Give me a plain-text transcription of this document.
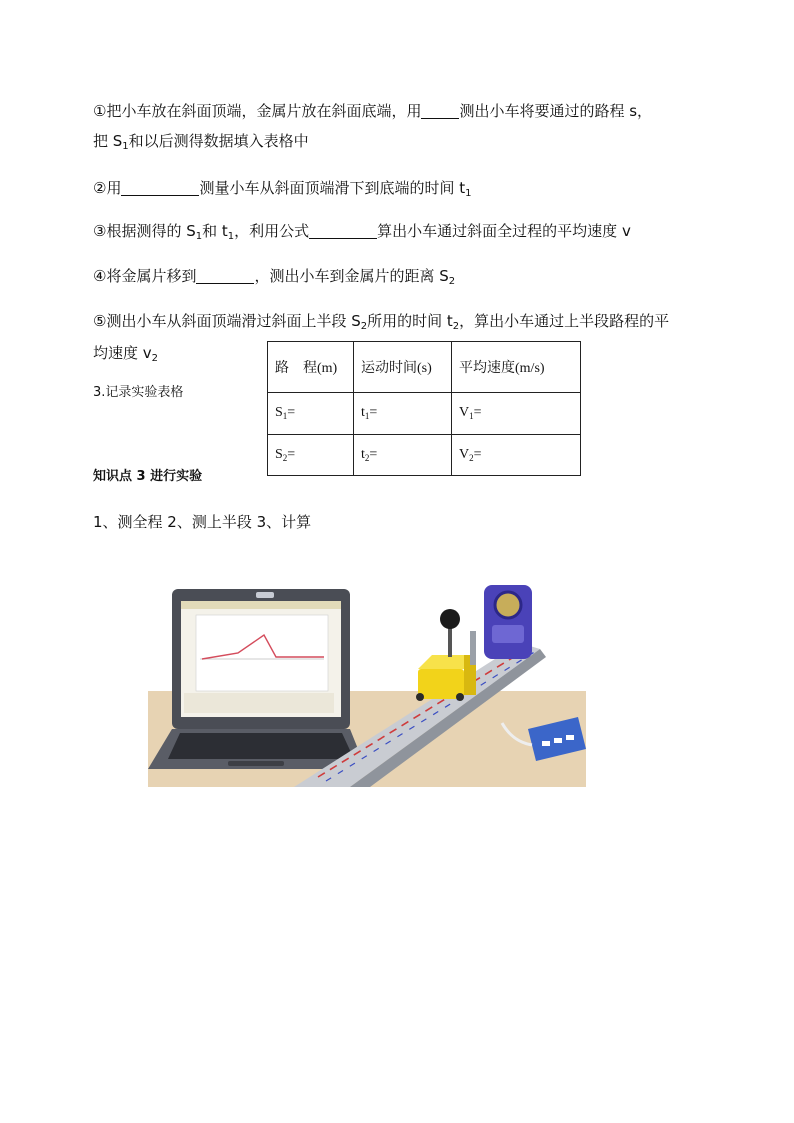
①把小车放在斜面顶端，金属片放在斜面底端，用	测出小车将要通过的路程 s，
把 $S_1$和以后测得数据填入表格中
②用	测量小车从斜面顶端滑下到底端的时间 $t_1$
③根据测得的 $S_1$和 $t_1$，利用公式	算出小车通过斜面全过程的平均速度 v
④将金属片移到	，测出小车到金属片的距离 $S_2$
⑤测出小车从斜面顶端滑过斜面上半段 $S_2$所用的时间 $t_2$，算出小车通过上半段路程的平
均速度 $v_2$
3.记录实验表格
路　程(m)	运动时间(s)	平均速度(m/s)
$S_1=$	$t_1=$	$V_1=$
$S_2=$	$t_2=$	$V_2=$
知识点 3 进行实验
1、测全程 2、测上半段 3、计算
